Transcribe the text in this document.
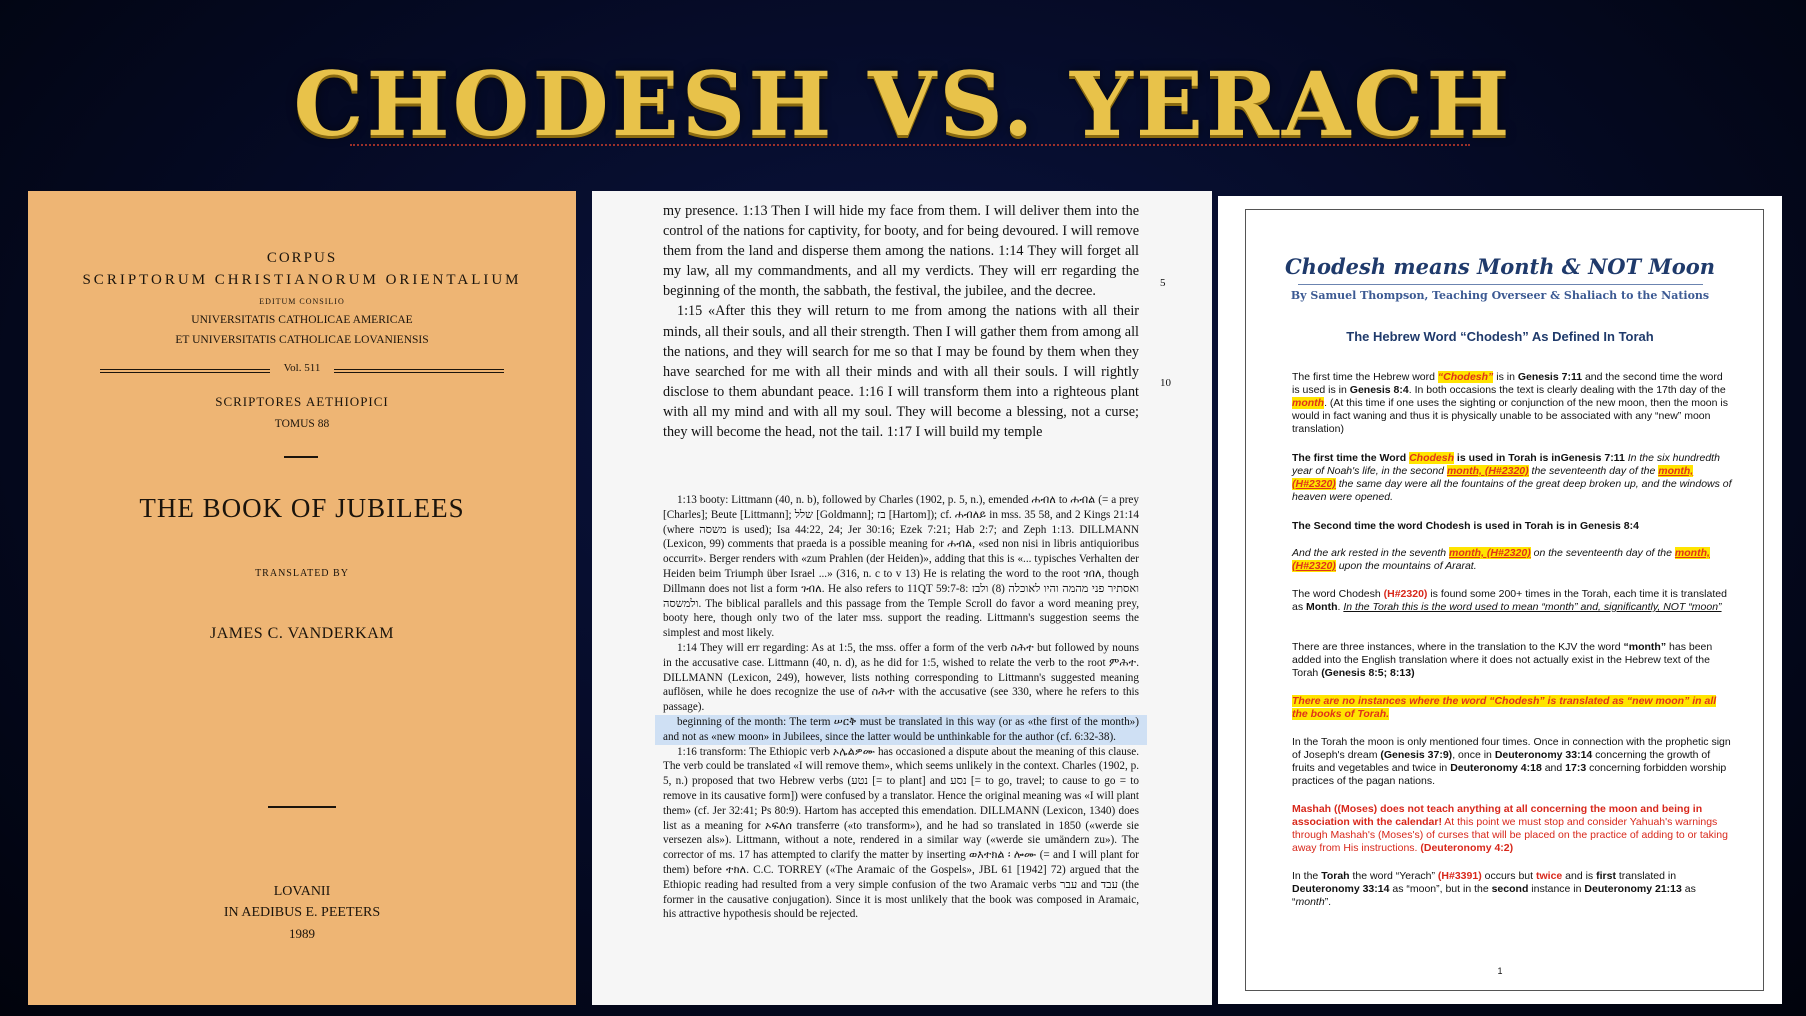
CHODESH VS. YERACH
CORPUS
SCRIPTORUM CHRISTIANORUM ORIENTALIUM
EDITUM CONSILIO
UNIVERSITATIS CATHOLICAE AMERICAE
ET UNIVERSITATIS CATHOLICAE LOVANIENSIS
Vol. 511
SCRIPTORES AETHIOPICI
TOMUS 88
THE BOOK OF JUBILEES
TRANSLATED BY
JAMES C. VANDERKAM
LOVANII
IN AEDIBUS E. PEETERS
1989

my presence. 1:13 Then I will hide my face from them. I will deliver them into the control of the nations for captivity, for booty, and for being devoured. I will remove them from the land and disperse them among the nations. 1:14 They will forget all my law, all my commandments, and all my verdicts. They will err regarding the beginning of the month, the sabbath, the festival, the jubilee, and the decree.

1:15 «After this they will return to me from among the nations with all their minds, all their souls, and all their strength. Then I will gather them from among all the nations, and they will search for me so that I may be found by them when they have searched for me with all their minds and with all their souls. I will rightly disclose to them abundant peace. 1:16 I will transform them into a righteous plant with all my mind and with all my soul. They will become a blessing, not a curse; they will become the head, not the tail. 1:17 I will build my temple

5
10

1:13 booty: Littmann (40, n. b), followed by Charles (1902, p. 5, n.), emended ሐብለ to ሐብል (= a prey [Charles]; Beute [Littmann]; שלל [Goldmann]; בז [Hartom]); cf. ሐብለይ in mss. 35 58, and 2 Kings 21:14 (where משסה is used); Isa 44:22, 24; Jer 30:16; Ezek 7:21; Hab 2:7; and Zeph 1:13. DILLMANN (Lexicon, 99) comments that praeda is a possible meaning for ሐብል, «sed non nisi in libris antiquioribus occurrit». Berger renders with «zum Prahlen (der Heiden)», adding that this is «... typisches Verhalten der Heiden beim Triumph über Israel ...» (316, n. c to v 13) He is relating the word to the root ገበለ, though Dillmann does not list a form ገብለ. He also refers to 11QT 59:7-8: ואסתיר פני מהמה והיו לאוכלה (8) ולבז ולמשסה. The biblical parallels and this passage from the Temple Scroll do favor a word meaning prey, booty here, though only two of the later mss. support the reading. Littmann's suggestion seems the simplest and most likely.

1:14 They will err regarding: As at 1:5, the mss. offer a form of the verb ስሕተ but followed by nouns in the accusative case. Littmann (40, n. d), as he did for 1:5, wished to relate the verb to the root ምሕተ. DILLMANN (Lexicon, 249), however, lists nothing corresponding to Littmann's suggested meaning auflösen, while he does recognize the use of ስሕተ with the accusative (see 330, where he refers to this passage).

beginning of the month: The term ሠርቅ must be translated in this way (or as «the first of the month») and not as «new moon» in Jubilees, since the latter would be unthinkable for the author (cf. 6:32-38).

1:16 transform: The Ethiopic verb ኦሌልዎሙ has occasioned a dispute about the meaning of this clause. The verb could be translated «I will remove them», which seems unlikely in the context. Charles (1902, p. 5, n.) proposed that two Hebrew verbs (נטע [= to plant] and נסע [= to go, travel; to cause to go = to remove in its causative form]) were confused by a translator. Hence the original meaning was «I will plant them» (cf. Jer 32:41; Ps 80:9). Hartom has accepted this emendation. DILLMANN (Lexicon, 1340) does list as a meaning for ኦፍለሰ transferre («to transform»), and he had so translated in 1850 («werde sie versezen als»). Littmann, without a note, rendered in a similar way («werde sie umändern zu»). The corrector of ms. 17 has attempted to clarify the matter by inserting ወእተክል ፡ ሎሙ (= and I will plant for them) before ተክለ. C.C. TORREY («The Aramaic of the Gospels», JBL 61 [1942] 72) argued that the Ethiopic reading had resulted from a very simple confusion of the two Aramaic verbs עבר and עבד (the former in the causative conjugation). Since it is most unlikely that the book was composed in Aramaic, his attractive hypothesis should be rejected.

Chodesh means Month & NOT Moon
By Samuel Thompson, Teaching Overseer & Shaliach to the Nations
The Hebrew Word “Chodesh” As Defined In Torah
The first time the Hebrew word “Chodesh” is in Genesis 7:11 and the second time the word is used is in Genesis 8:4. In both occasions the text is clearly dealing with the 17th day of the month. (At this time if one uses the sighting or conjunction of the new moon, then the moon is would in fact waning and thus it is physically unable to be associated with any “new” moon translation)
The first time the Word Chodesh is used in Torah is inGenesis 7:11 In the six hundredth year of Noah's life, in the second month, (H#2320) the seventeenth day of the month, (H#2320) the same day were all the fountains of the great deep broken up, and the windows of heaven were opened.
The Second time the word Chodesh is used in Torah is in Genesis 8:4
And the ark rested in the seventh month, (H#2320) on the seventeenth day of the month, (H#2320) upon the mountains of Ararat.
The word Chodesh (H#2320) is found some 200+ times in the Torah, each time it is translated as Month. In the Torah this is the word used to mean “month” and, significantly, NOT “moon”
There are three instances, where in the translation to the KJV the word “month” has been added into the English translation where it does not actually exist in the Hebrew text of the Torah (Genesis 8:5; 8:13)
There are no instances where the word “Chodesh” is translated as “new moon” in all the books of Torah.
In the Torah the moon is only mentioned four times. Once in connection with the prophetic sign of Joseph's dream (Genesis 37:9), once in Deuteronomy 33:14 concerning the growth of fruits and vegetables and twice in Deuteronomy 4:18 and 17:3 concerning forbidden worship practices of the pagan nations.
Mashah ((Moses) does not teach anything at all concerning the moon and being in association with the calendar! At this point we must stop and consider Yahuah's warnings through Mashah's (Moses's) of curses that will be placed on the practice of adding to or taking away from His instructions. (Deuteronomy 4:2)
In the Torah the word “Yerach” (H#3391) occurs but twice and is first translated in Deuteronomy 33:14 as “moon”, but in the second instance in Deuteronomy 21:13 as “month”.
1
